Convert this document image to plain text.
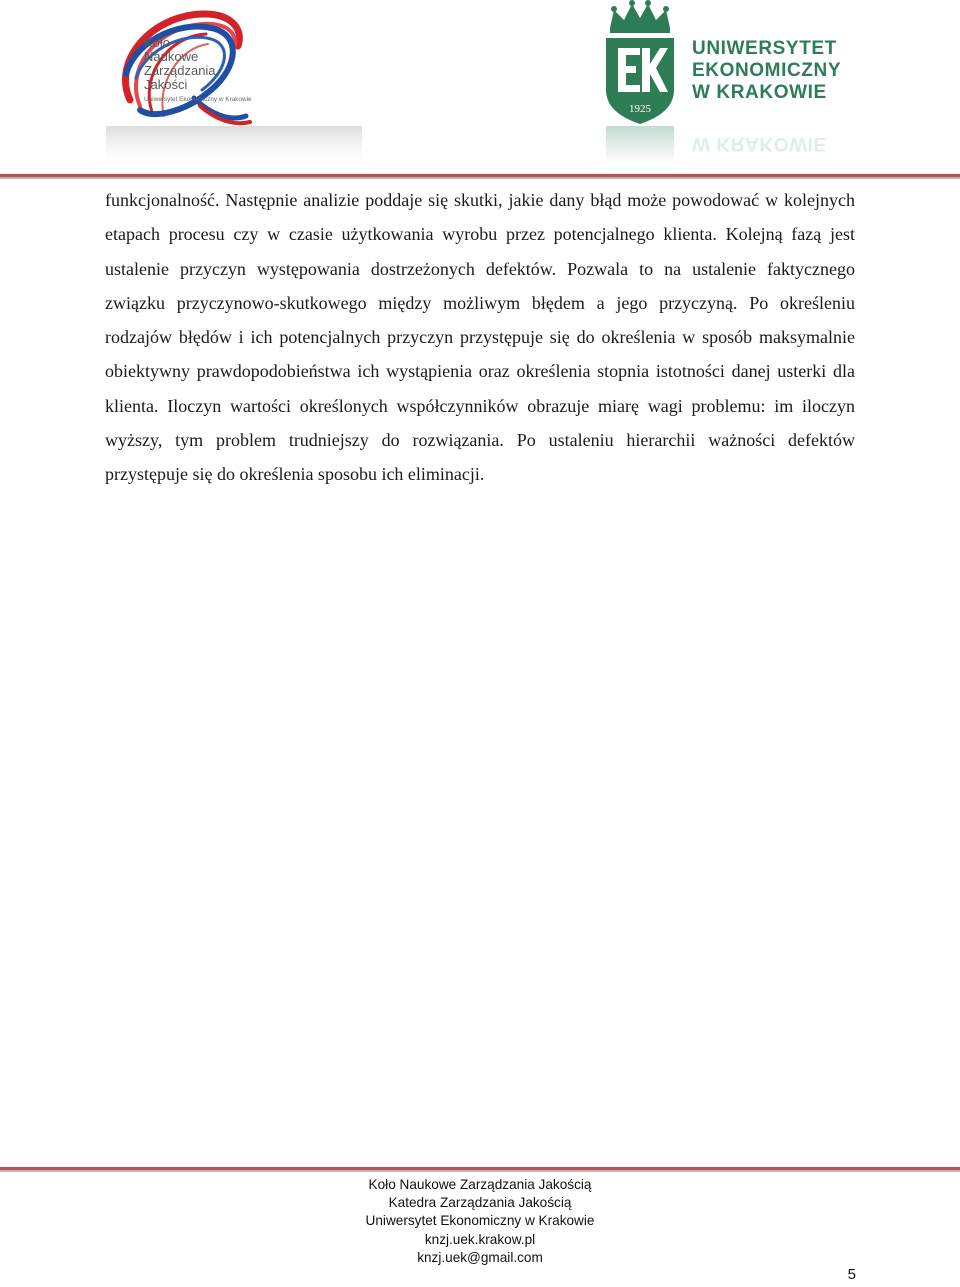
Koło
Naukowe
Zarządzania
Jakości
Uniwersytet Ekonomiczny w Krakowie
1925
UNIWERSYTET
EKONOMICZNY
W KRAKOWIE
W KRAKOWIE
funkcjonalność. Następnie analizie poddaje się skutki, jakie dany błąd może powodować w kolejnych etapach procesu czy w czasie użytkowania wyrobu przez potencjalnego klienta. Kolejną fazą jest ustalenie przyczyn występowania dostrzeżonych defektów. Pozwala to na ustalenie faktycznego związku przyczynowo-skutkowego między możliwym błędem a jego przyczyną. Po określeniu rodzajów błędów i ich potencjalnych przyczyn przystępuje się do określenia w sposób maksymalnie obiektywny prawdopodobieństwa ich wystąpienia oraz określenia stopnia istotności danej usterki dla klienta. Iloczyn wartości określonych współczynników obrazuje miarę wagi problemu: im iloczyn wyższy, tym problem trudniejszy do rozwiązania. Po ustaleniu hierarchii ważności defektów przystępuje się do określenia sposobu ich eliminacji.
Koło Naukowe Zarządzania Jakością
Katedra Zarządzania Jakością
Uniwersytet Ekonomiczny w Krakowie
knzj.uek.krakow.pl
knzj.uek@gmail.com
5
